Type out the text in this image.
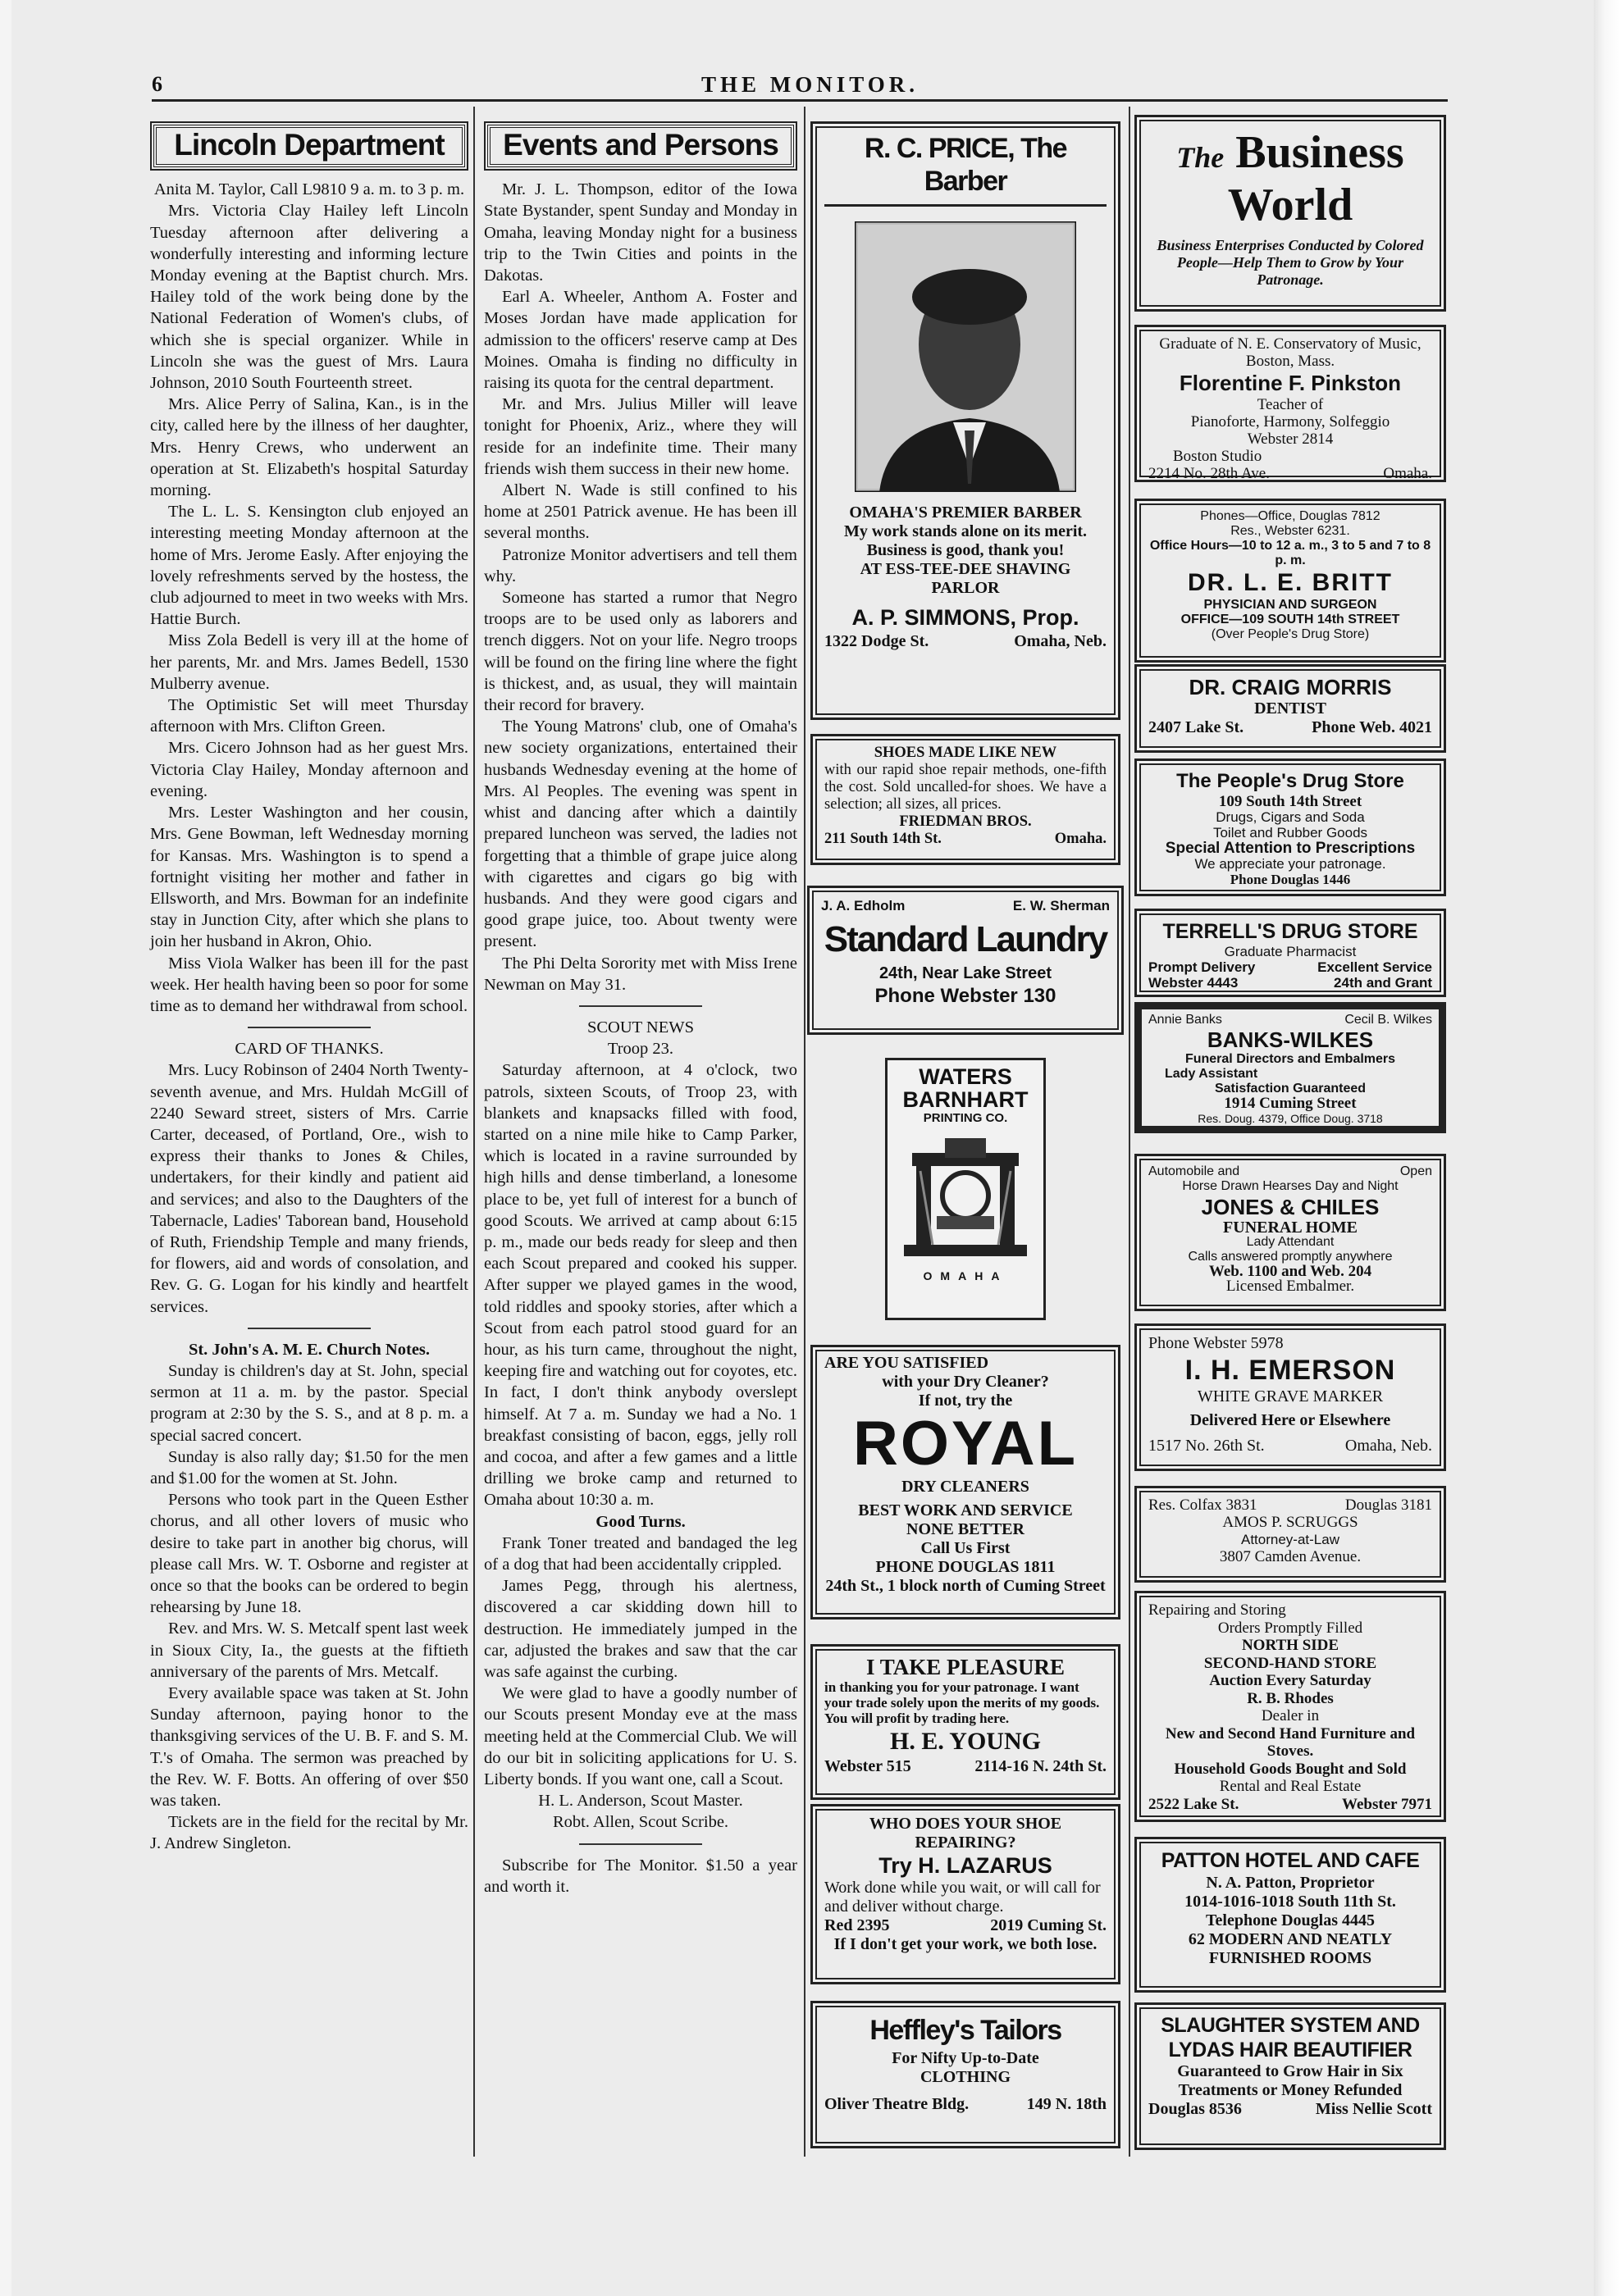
6	THE MONITOR.
Lincoln Department

Anita M. Taylor, Call L9810 9 a. m. to 3 p. m.

Mrs. Victoria Clay Hailey left Lincoln Tuesday afternoon after delivering a wonderfully interesting and informing lecture Monday evening at the Baptist church. Mrs. Hailey told of the work being done by the National Federation of Women's clubs, of which she is special organizer. While in Lincoln she was the guest of Mrs. Laura Johnson, 2010 South Fourteenth street.

Mrs. Alice Perry of Salina, Kan., is in the city, called here by the illness of her daughter, Mrs. Henry Crews, who underwent an operation at St. Elizabeth's hospital Saturday morning.

The L. L. S. Kensington club enjoyed an interesting meeting Monday afternoon at the home of Mrs. Jerome Easly. After enjoying the lovely refreshments served by the hostess, the club adjourned to meet in two weeks with Mrs. Hattie Burch.

Miss Zola Bedell is very ill at the home of her parents, Mr. and Mrs. James Bedell, 1530 Mulberry avenue.

The Optimistic Set will meet Thursday afternoon with Mrs. Clifton Green.

Mrs. Cicero Johnson had as her guest Mrs. Victoria Clay Hailey, Monday afternoon and evening.

Mrs. Lester Washington and her cousin, Mrs. Gene Bowman, left Wednesday morning for Kansas. Mrs. Washington is to spend a fortnight visiting her mother and father in Ellsworth, and Mrs. Bowman for an indefinite stay in Junction City, after which she plans to join her husband in Akron, Ohio.

Miss Viola Walker has been ill for the past week. Her health having been so poor for some time as to demand her withdrawal from school.

CARD OF THANKS.

Mrs. Lucy Robinson of 2404 North Twenty-seventh avenue, and Mrs. Huldah McGill of 2240 Seward street, sisters of Mrs. Carrie Carter, deceased, of Portland, Ore., wish to express their thanks to Jones & Chiles, undertakers, for their kindly and patient aid and services; and also to the Daughters of the Tabernacle, Ladies' Taborean band, Household of Ruth, Friendship Temple and many friends, for flowers, aid and words of consolation, and Rev. G. G. Logan for his kindly and heartfelt services.

St. John's A. M. E. Church Notes.

Sunday is children's day at St. John, special sermon at 11 a. m. by the pastor. Special program at 2:30 by the S. S., and at 8 p. m. a special sacred concert.

Sunday is also rally day; $1.50 for the men and $1.00 for the women at St. John.

Persons who took part in the Queen Esther chorus, and all other lovers of music who desire to take part in another big chorus, will please call Mrs. W. T. Osborne and register at once so that the books can be ordered to begin rehearsing by June 18.

Rev. and Mrs. W. S. Metcalf spent last week in Sioux City, Ia., the guests at the fiftieth anniversary of the parents of Mrs. Metcalf.

Every available space was taken at St. John Sunday afternoon, paying honor to the thanksgiving services of the U. B. F. and S. M. T.'s of Omaha. The sermon was preached by the Rev. W. F. Botts. An offering of over $50 was taken.

Tickets are in the field for the recital by Mr. J. Andrew Singleton.

Events and Persons

Mr. J. L. Thompson, editor of the Iowa State Bystander, spent Sunday and Monday in Omaha, leaving Monday night for a business trip to the Twin Cities and points in the Dakotas.

Earl A. Wheeler, Anthom A. Foster and Moses Jordan have made application for admission to the officers' reserve camp at Des Moines. Omaha is finding no difficulty in raising its quota for the central department.

Mr. and Mrs. Julius Miller will leave tonight for Phoenix, Ariz., where they will reside for an indefinite time. Their many friends wish them success in their new home.

Albert N. Wade is still confined to his home at 2501 Patrick avenue. He has been ill several months.

Patronize Monitor advertisers and tell them why.

Someone has started a rumor that Negro troops are to be used only as laborers and trench diggers. Not on your life. Negro troops will be found on the firing line where the fight is thickest, and, as usual, they will maintain their record for bravery.

The Young Matrons' club, one of Omaha's new society organizations, entertained their husbands Wednesday evening at the home of Mrs. Al Peoples. The evening was spent in whist and dancing after which a daintily prepared luncheon was served, the ladies not forgetting that a thimble of grape juice along with cigarettes and cigars go big with husbands. And they were good cigars and good grape juice, too. About twenty were present.

The Phi Delta Sorority met with Miss Irene Newman on May 31.

SCOUT NEWS

Troop 23.

Saturday afternoon, at 4 o'clock, two patrols, sixteen Scouts, of Troop 23, with blankets and knapsacks filled with food, started on a nine mile hike to Camp Parker, which is located in a ravine surrounded by high hills and dense timberland, a lonesome place to be, yet full of interest for a bunch of good Scouts. We arrived at camp about 6:15 p. m., made our beds ready for sleep and then each Scout prepared and cooked his supper. After supper we played games in the wood, told riddles and spooky stories, after which a Scout from each patrol stood guard for an hour, as his turn came, throughout the night, keeping fire and watching out for coyotes, etc. In fact, I don't think anybody overslept himself. At 7 a. m. Sunday we had a No. 1 breakfast consisting of bacon, eggs, jelly roll and cocoa, and after a few games and a little drilling we broke camp and returned to Omaha about 10:30 a. m.

Good Turns.

Frank Toner treated and bandaged the leg of a dog that had been accidentally crippled.

James Pegg, through his alertness, discovered a car skidding down hill to destruction. He immediately jumped in the car, adjusted the brakes and saw that the car was safe against the curbing.

We were glad to have a goodly number of our Scouts present Monday eve at the mass meeting held at the Commercial Club. We will do our bit in soliciting applications for U. S. Liberty bonds. If you want one, call a Scout.

H. L. Anderson, Scout Master.

Robt. Allen, Scout Scribe.

Subscribe for The Monitor. $1.50 a year and worth it.

R. C. PRICE, The Barber
OMAHA'S PREMIER BARBER
My work stands alone on its merit.
Business is good, thank you!
AT ESS-TEE-DEE SHAVING
PARLOR
A. P. SIMMONS, Prop.
1322 Dodge St.	Omaha, Neb.
SHOES MADE LIKE NEW
with our rapid shoe repair methods, one-fifth the cost. Sold uncalled-for shoes. We have a selection; all sizes, all prices.
FRIEDMAN BROS.
211 South 14th St.	Omaha.
J. A. Edholm	E. W. Sherman
Standard Laundry
24th, Near Lake Street
Phone Webster 130
WATERS
BARNHART
PRINTING CO.
OMAHA
ARE YOU SATISFIED
with your Dry Cleaner?
If not, try the
ROYAL
DRY CLEANERS
BEST WORK AND SERVICE
NONE BETTER
Call Us First
PHONE DOUGLAS 1811
24th St., 1 block north of Cuming Street
I TAKE PLEASURE
in thanking you for your patronage. I want your trade solely upon the merits of my goods. You will profit by trading here.
H. E. YOUNG
Webster 515	2114-16 N. 24th St.
WHO DOES YOUR SHOE REPAIRING?
Try H. LAZARUS
Work done while you wait, or will call for and deliver without charge.
Red 2395	2019 Cuming St.
If I don't get your work, we both lose.
Heffley's Tailors
For Nifty Up-to-Date
CLOTHING
Oliver Theatre Bldg.	149 N. 18th
The Business
World
Business Enterprises Conducted by Colored People—Help Them to Grow by Your Patronage.
Graduate of N. E. Conservatory of Music, Boston, Mass.
Florentine F. Pinkston
Teacher of
Pianoforte, Harmony, Solfeggio
Webster 2814
Boston Studio
2214 No. 28th Ave.	Omaha.
Phones—Office, Douglas 7812
Res., Webster 6231.
Office Hours—10 to 12 a. m., 3 to 5 and 7 to 8 p. m.
DR. L. E. BRITT
PHYSICIAN AND SURGEON
OFFICE—109 SOUTH 14th STREET
(Over People's Drug Store)
DR. CRAIG MORRIS
DENTIST
2407 Lake St.	Phone Web. 4021
The People's Drug Store
109 South 14th Street
Drugs, Cigars and Soda
Toilet and Rubber Goods
Special Attention to Prescriptions
We appreciate your patronage.
Phone Douglas 1446
TERRELL'S DRUG STORE
Graduate Pharmacist
Prompt Delivery	Excellent Service
Webster 4443	24th and Grant
Annie Banks	Cecil B. Wilkes
BANKS-WILKES
Funeral Directors and Embalmers
Lady Assistant
Satisfaction Guaranteed
1914 Cuming Street
Res. Doug. 4379, Office Doug. 3718
Automobile and	Open
Horse Drawn Hearses Day and Night
JONES & CHILES
FUNERAL HOME
Lady Attendant
Calls answered promptly anywhere
Web. 1100 and Web. 204
Licensed Embalmer.
Phone Webster 5978
I. H. EMERSON
WHITE GRAVE MARKER
Delivered Here or Elsewhere
1517 No. 26th St.	Omaha, Neb.
Res. Colfax 3831	Douglas 3181
AMOS P. SCRUGGS
Attorney-at-Law
3807 Camden Avenue.
Repairing and Storing
Orders Promptly Filled
NORTH SIDE
SECOND-HAND STORE
Auction Every Saturday
R. B. Rhodes
Dealer in
New and Second Hand Furniture and Stoves.
Household Goods Bought and Sold
Rental and Real Estate
2522 Lake St.	Webster 7971
PATTON HOTEL AND CAFE
N. A. Patton, Proprietor
1014-1016-1018 South 11th St.
Telephone Douglas 4445
62 MODERN AND NEATLY
FURNISHED ROOMS
SLAUGHTER SYSTEM AND
LYDAS HAIR BEAUTIFIER
Guaranteed to Grow Hair in Six
Treatments or Money Refunded
Douglas 8536	Miss Nellie Scott
